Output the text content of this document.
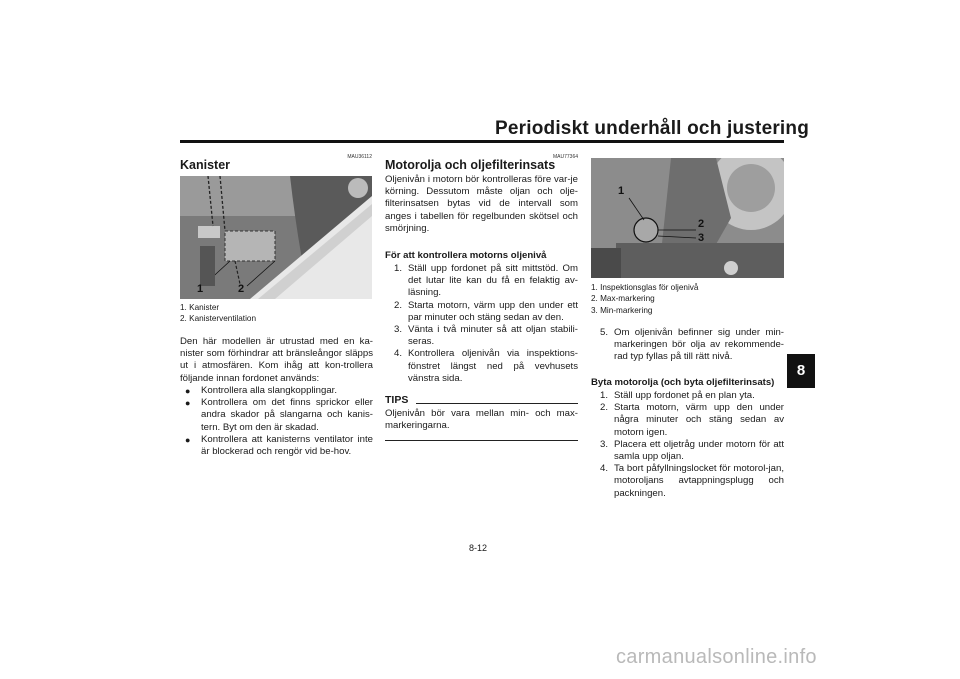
Periodiskt underhåll och justering
8
MAU36112
Kanister
1	2
1. Kanister
2. Kanisterventilation
Den här modellen är utrustad med en ka-nister som förhindrar att bränsleångor släpps ut i atmosfären. Kom ihåg att kon-trollera följande innan fordonet används:
● Kontrollera alla slangkopplingar.
● Kontrollera om det finns sprickor eller andra skador på slangarna och kanis-tern. Byt om den är skadad.
● Kontrollera att kanisterns ventilator inte är blockerad och rengör vid be-hov.
MAU77364
Motorolja och oljefilterinsats
Oljenivån i motorn bör kontrolleras före var-je körning. Dessutom måste oljan och olje-filterinsatsen bytas vid de intervall som anges i tabellen för regelbunden skötsel och smörjning.
För att kontrollera motorns oljenivå
1. Ställ upp fordonet på sitt mittstöd. Om det lutar lite kan du få en felaktig av-läsning.
2. Starta motorn, värm upp den under ett par minuter och stäng sedan av den.
3. Vänta i två minuter så att oljan stabili-seras.
4. Kontrollera oljenivån via inspektions-fönstret längst ned på vevhusets vänstra sida.
TIPS
Oljenivån bör vara mellan min- och max-markeringarna.
1
2
3
1. Inspektionsglas för oljenivå
2. Max-markering
3. Min-markering
5. Om oljenivån befinner sig under min-markeringen bör olja av rekommende-rad typ fyllas på till rätt nivå.
Byta motorolja (och byta oljefilterinsats)
1. Ställ upp fordonet på en plan yta.
2. Starta motorn, värm upp den under några minuter och stäng sedan av motorn igen.
3. Placera ett oljetråg under motorn för att samla upp oljan.
4. Ta bort påfyllningslocket för motorol-jan, motoroljans avtappningsplugg och packningen.
8-12
carmanualsonline.info
